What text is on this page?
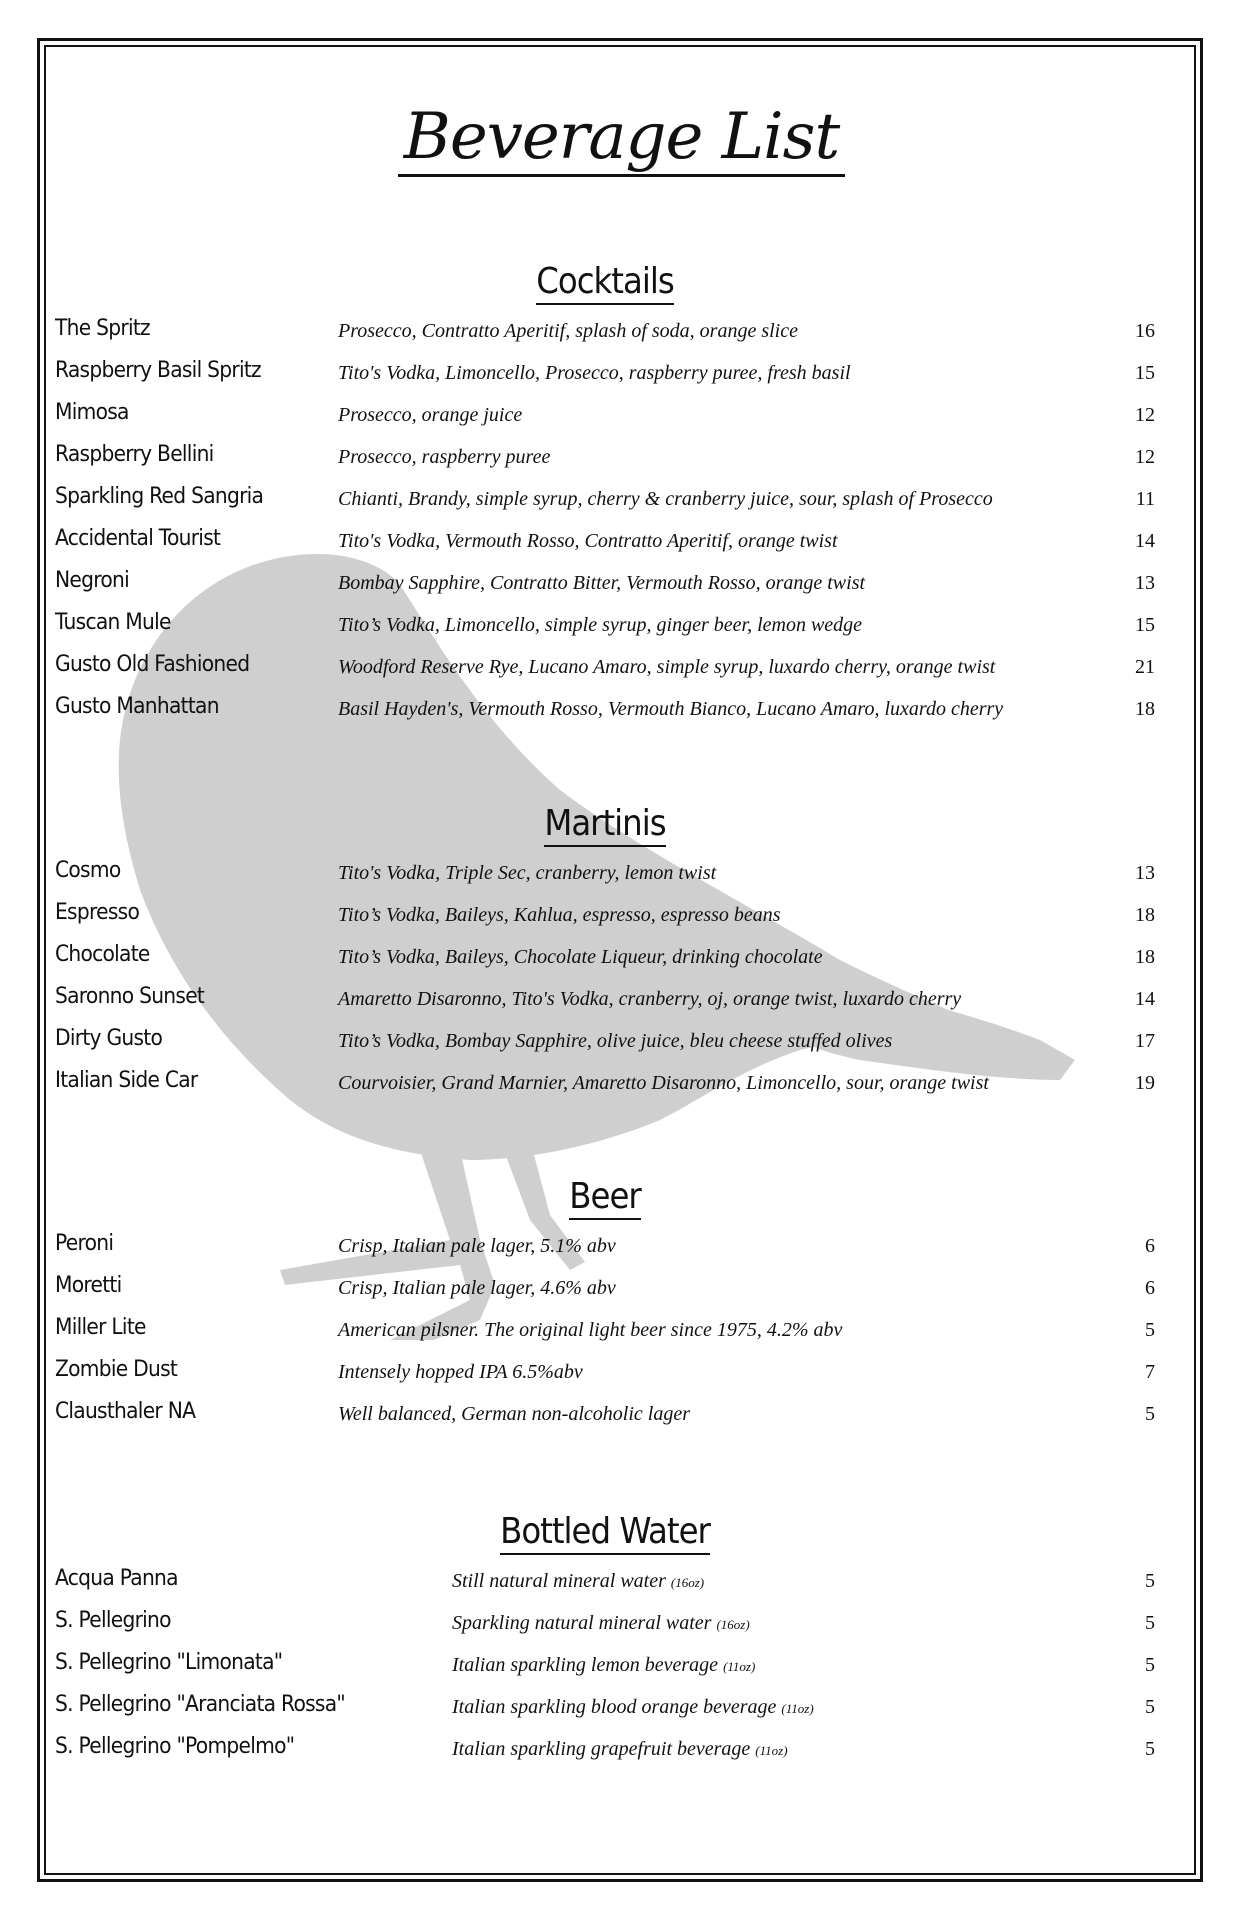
Beverage List
Cocktails
The Spritz	Prosecco, Contratto Aperitif, splash of soda, orange slice	16
Raspberry Basil Spritz	Tito's Vodka, Limoncello, Prosecco, raspberry puree, fresh basil	15
Mimosa	Prosecco, orange juice	12
Raspberry Bellini	Prosecco, raspberry puree	12
Sparkling Red Sangria	Chianti, Brandy, simple syrup, cherry & cranberry juice, sour, splash of Prosecco	11
Accidental Tourist	Tito's Vodka, Vermouth Rosso, Contratto Aperitif, orange twist	14
Negroni	Bombay Sapphire, Contratto Bitter, Vermouth Rosso, orange twist	13
Tuscan Mule	Tito’s Vodka, Limoncello, simple syrup, ginger beer, lemon wedge	15
Gusto Old Fashioned	Woodford Reserve Rye, Lucano Amaro, simple syrup, luxardo cherry, orange twist	21
Gusto Manhattan	Basil Hayden's, Vermouth Rosso, Vermouth Bianco, Lucano Amaro, luxardo cherry	18
Martinis
Cosmo	Tito's Vodka, Triple Sec, cranberry, lemon twist	13
Espresso	Tito’s Vodka, Baileys, Kahlua, espresso, espresso beans	18
Chocolate	Tito’s Vodka, Baileys, Chocolate Liqueur, drinking chocolate	18
Saronno Sunset	Amaretto Disaronno, Tito's Vodka, cranberry, oj, orange twist, luxardo cherry	14
Dirty Gusto	Tito’s Vodka, Bombay Sapphire, olive juice, bleu cheese stuffed olives	17
Italian Side Car	Courvoisier, Grand Marnier, Amaretto Disaronno, Limoncello, sour, orange twist	19
Beer
Peroni	Crisp, Italian pale lager, 5.1% abv	6
Moretti	Crisp, Italian pale lager, 4.6% abv	6
Miller Lite	American pilsner. The original light beer since 1975, 4.2% abv	5
Zombie Dust	Intensely hopped IPA 6.5%abv	7
Clausthaler NA	Well balanced, German non-alcoholic lager	5
Bottled Water
Acqua Panna	Still natural mineral water (16oz)	5
S. Pellegrino	Sparkling natural mineral water (16oz)	5
S. Pellegrino "Limonata"	Italian sparkling lemon beverage (11oz)	5
S. Pellegrino "Aranciata Rossa"	Italian sparkling blood orange beverage (11oz)	5
S. Pellegrino "Pompelmo"	Italian sparkling grapefruit beverage (11oz)	5
